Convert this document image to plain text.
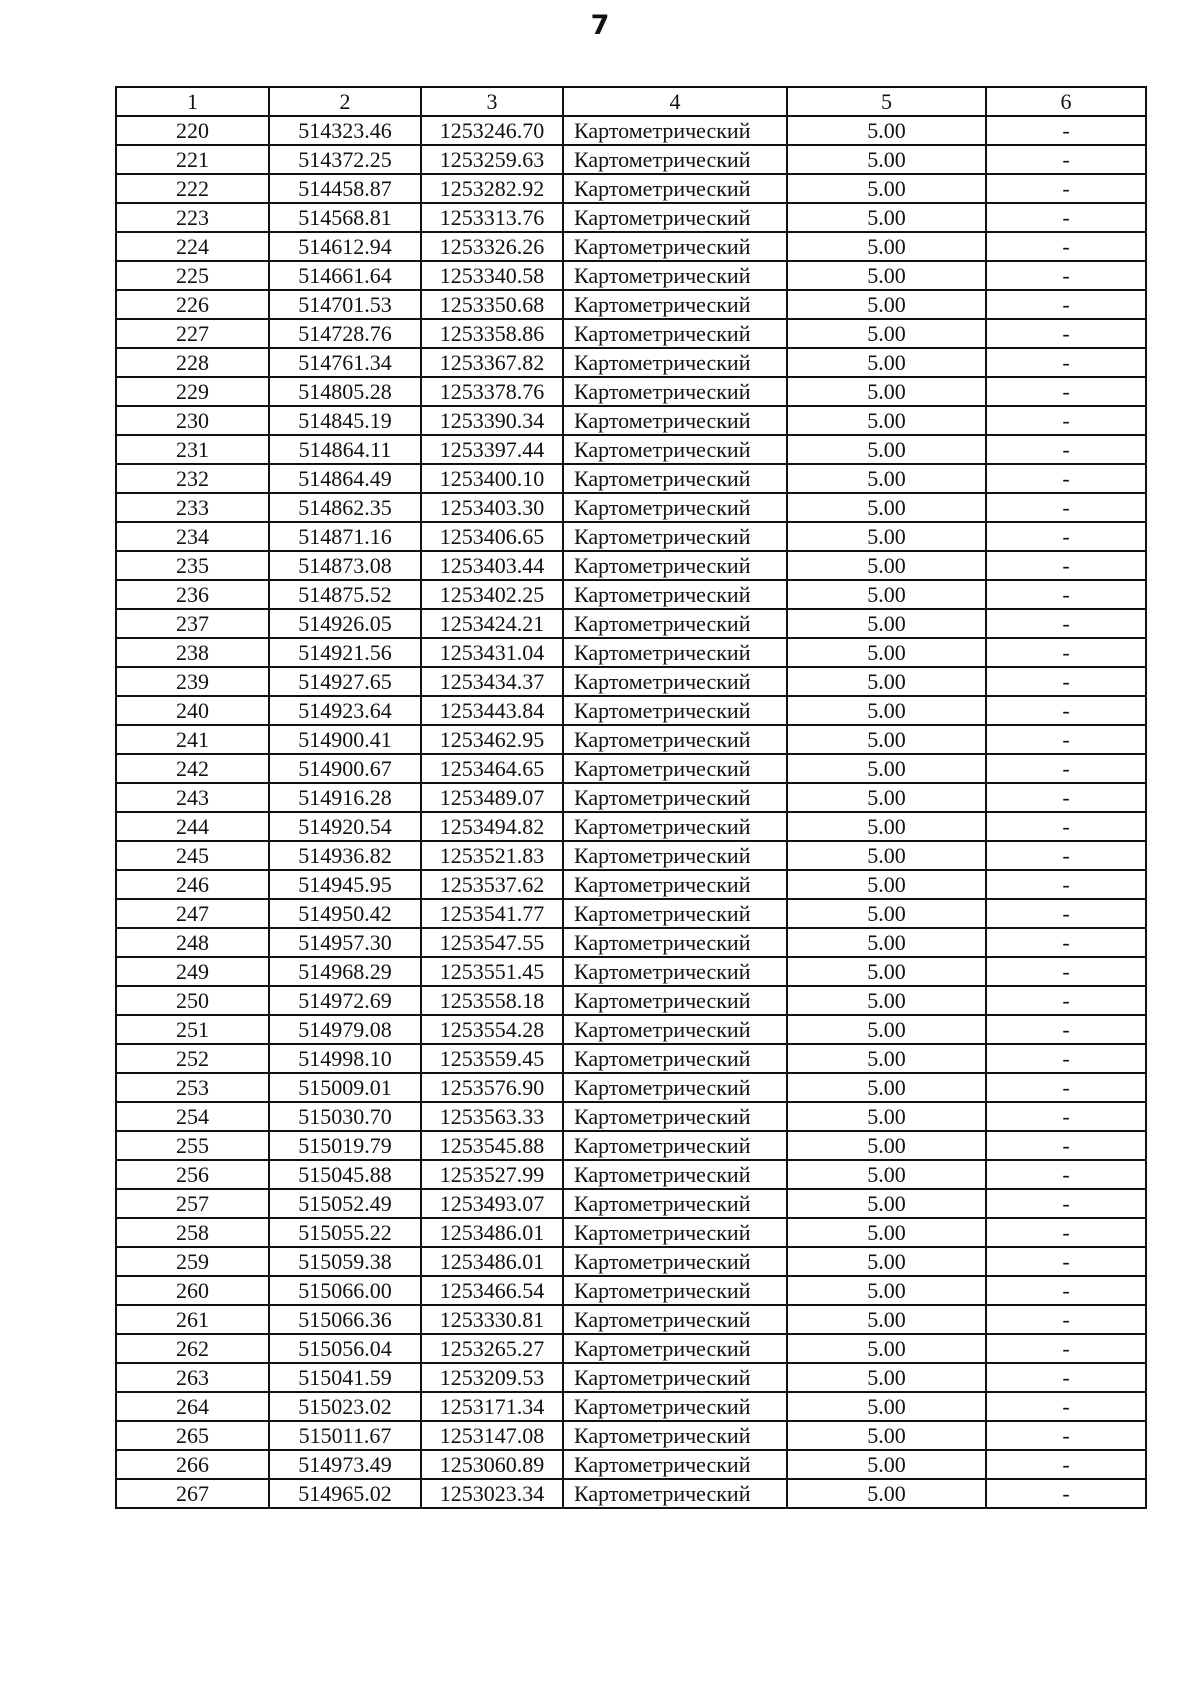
7
1	2	3	4	5	6
220	514323.46	1253246.70	Картометрический	5.00	-
221	514372.25	1253259.63	Картометрический	5.00	-
222	514458.87	1253282.92	Картометрический	5.00	-
223	514568.81	1253313.76	Картометрический	5.00	-
224	514612.94	1253326.26	Картометрический	5.00	-
225	514661.64	1253340.58	Картометрический	5.00	-
226	514701.53	1253350.68	Картометрический	5.00	-
227	514728.76	1253358.86	Картометрический	5.00	-
228	514761.34	1253367.82	Картометрический	5.00	-
229	514805.28	1253378.76	Картометрический	5.00	-
230	514845.19	1253390.34	Картометрический	5.00	-
231	514864.11	1253397.44	Картометрический	5.00	-
232	514864.49	1253400.10	Картометрический	5.00	-
233	514862.35	1253403.30	Картометрический	5.00	-
234	514871.16	1253406.65	Картометрический	5.00	-
235	514873.08	1253403.44	Картометрический	5.00	-
236	514875.52	1253402.25	Картометрический	5.00	-
237	514926.05	1253424.21	Картометрический	5.00	-
238	514921.56	1253431.04	Картометрический	5.00	-
239	514927.65	1253434.37	Картометрический	5.00	-
240	514923.64	1253443.84	Картометрический	5.00	-
241	514900.41	1253462.95	Картометрический	5.00	-
242	514900.67	1253464.65	Картометрический	5.00	-
243	514916.28	1253489.07	Картометрический	5.00	-
244	514920.54	1253494.82	Картометрический	5.00	-
245	514936.82	1253521.83	Картометрический	5.00	-
246	514945.95	1253537.62	Картометрический	5.00	-
247	514950.42	1253541.77	Картометрический	5.00	-
248	514957.30	1253547.55	Картометрический	5.00	-
249	514968.29	1253551.45	Картометрический	5.00	-
250	514972.69	1253558.18	Картометрический	5.00	-
251	514979.08	1253554.28	Картометрический	5.00	-
252	514998.10	1253559.45	Картометрический	5.00	-
253	515009.01	1253576.90	Картометрический	5.00	-
254	515030.70	1253563.33	Картометрический	5.00	-
255	515019.79	1253545.88	Картометрический	5.00	-
256	515045.88	1253527.99	Картометрический	5.00	-
257	515052.49	1253493.07	Картометрический	5.00	-
258	515055.22	1253486.01	Картометрический	5.00	-
259	515059.38	1253486.01	Картометрический	5.00	-
260	515066.00	1253466.54	Картометрический	5.00	-
261	515066.36	1253330.81	Картометрический	5.00	-
262	515056.04	1253265.27	Картометрический	5.00	-
263	515041.59	1253209.53	Картометрический	5.00	-
264	515023.02	1253171.34	Картометрический	5.00	-
265	515011.67	1253147.08	Картометрический	5.00	-
266	514973.49	1253060.89	Картометрический	5.00	-
267	514965.02	1253023.34	Картометрический	5.00	-
